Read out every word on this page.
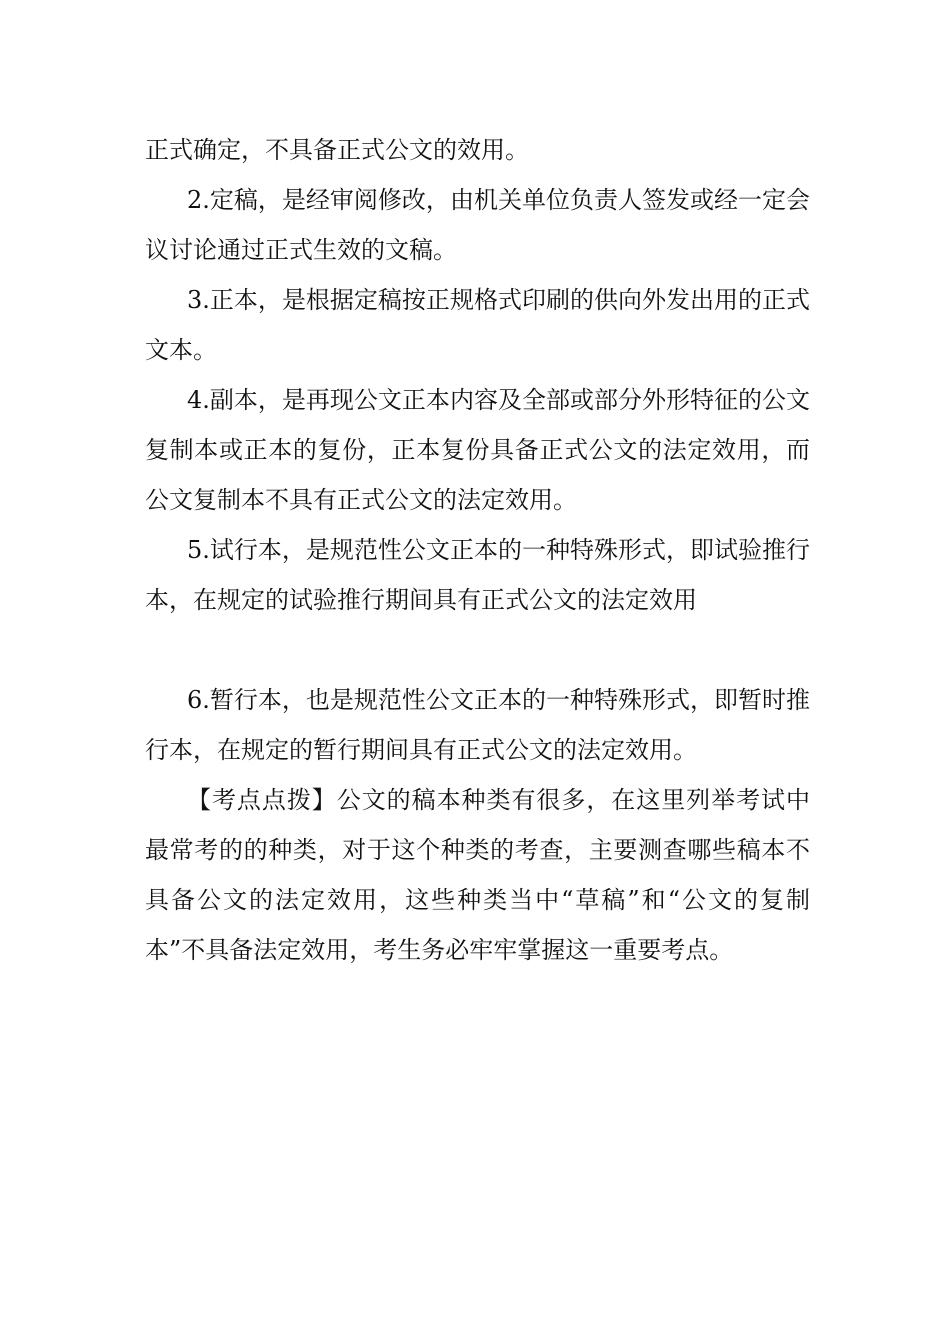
正式确定，不具备正式公文的效用。

2.定稿，是经审阅修改，由机关单位负责人签发或经一定会议讨论通过正式生效的文稿。

3.正本，是根据定稿按正规格式印刷的供向外发出用的正式文本。

4.副本，是再现公文正本内容及全部或部分外形特征的公文复制本或正本的复份，正本复份具备正式公文的法定效用，而公文复制本不具有正式公文的法定效用。

5.试行本，是规范性公文正本的一种特殊形式，即试验推行本，在规定的试验推行期间具有正式公文的法定效用

6.暂行本，也是规范性公文正本的一种特殊形式，即暂时推行本，在规定的暂行期间具有正式公文的法定效用。

【考点点拨】公文的稿本种类有很多，在这里列举考试中最常考的的种类，对于这个种类的考查，主要测查哪些稿本不具备公文的法定效用，这些种类当中“草稿”和“公文的复制本”不具备法定效用，考生务必牢牢掌握这一重要考点。
